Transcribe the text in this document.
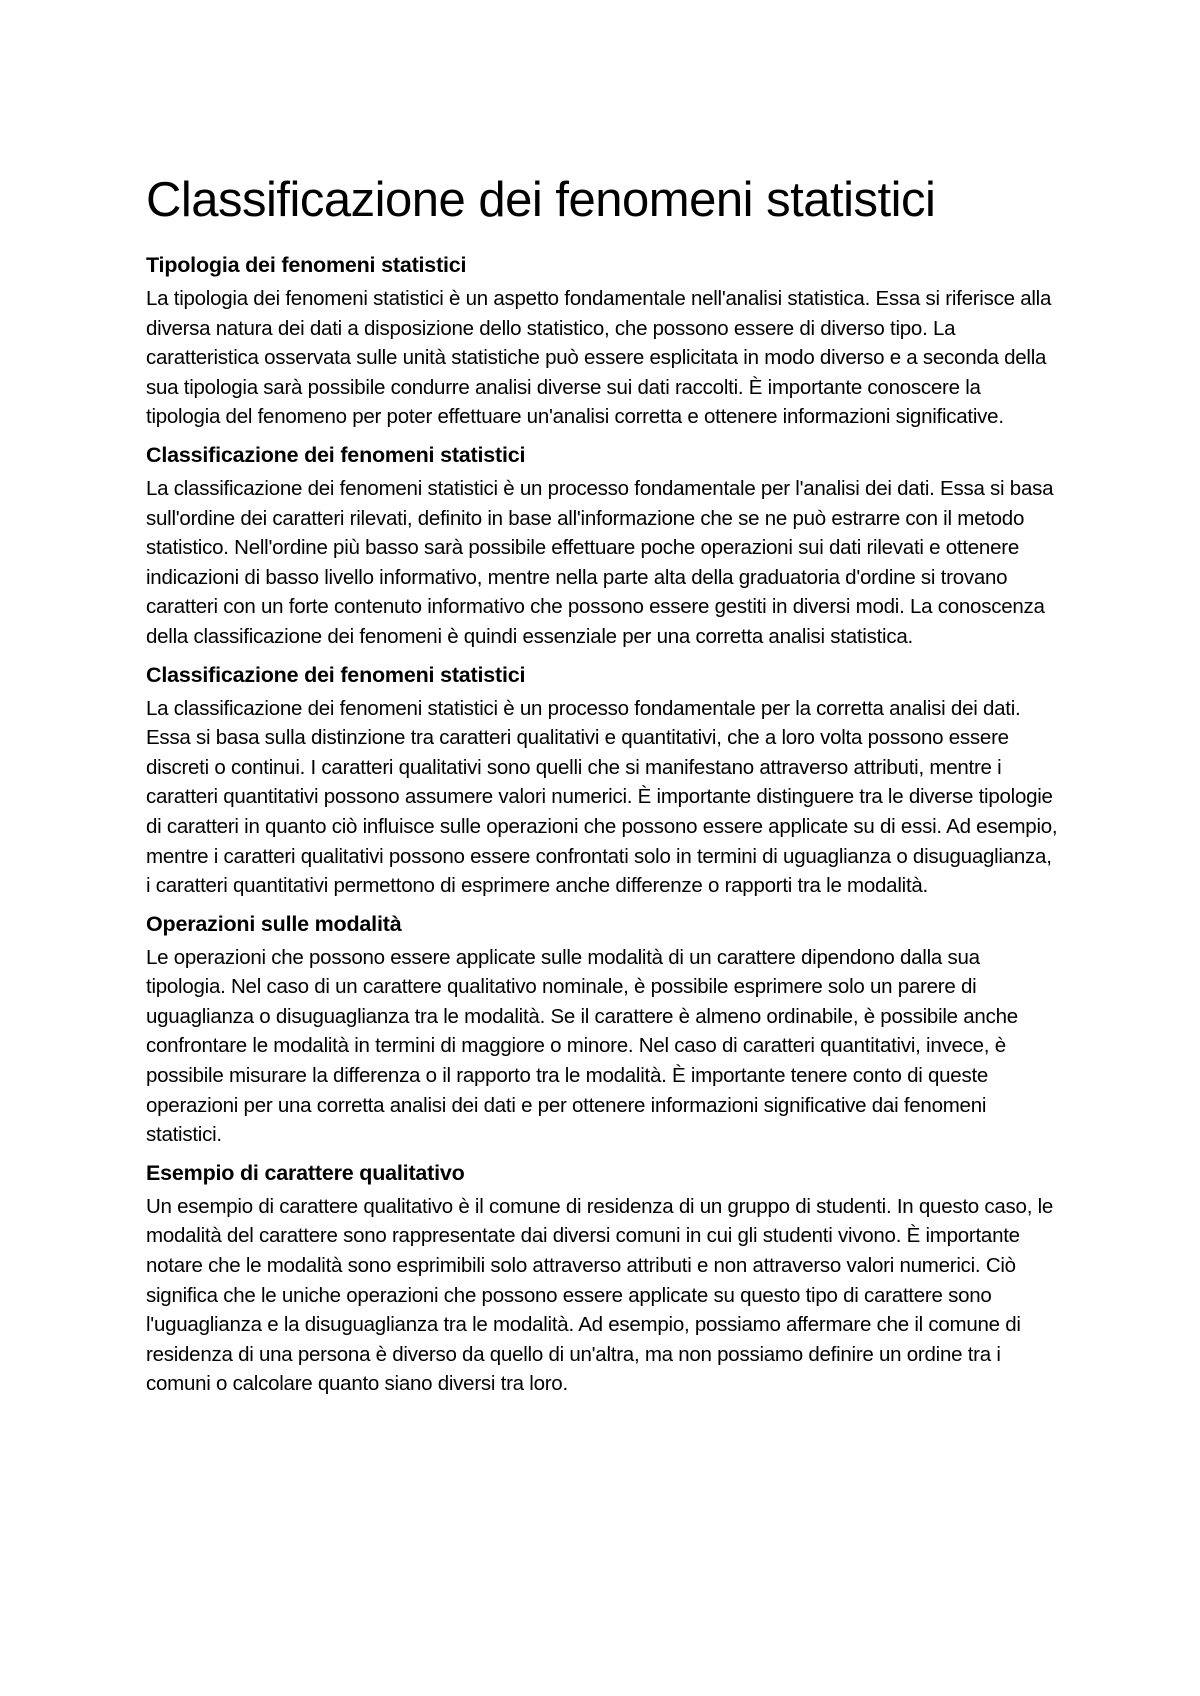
Classificazione dei fenomeni statistici
Tipologia dei fenomeni statistici

La tipologia dei fenomeni statistici è un aspetto fondamentale nell'analisi statistica. Essa si riferisce alla diversa natura dei dati a disposizione dello statistico, che possono essere di diverso tipo. La caratteristica osservata sulle unità statistiche può essere esplicitata in modo diverso e a seconda della sua tipologia sarà possibile condurre analisi diverse sui dati raccolti. È importante conoscere la tipologia del fenomeno per poter effettuare un'analisi corretta e ottenere informazioni significative.

Classificazione dei fenomeni statistici

La classificazione dei fenomeni statistici è un processo fondamentale per l'analisi dei dati. Essa si basa sull'ordine dei caratteri rilevati, definito in base all'informazione che se ne può estrarre con il metodo statistico. Nell'ordine più basso sarà possibile effettuare poche operazioni sui dati rilevati e ottenere indicazioni di basso livello informativo, mentre nella parte alta della graduatoria d'ordine si trovano caratteri con un forte contenuto informativo che possono essere gestiti in diversi modi. La conoscenza della classificazione dei fenomeni è quindi essenziale per una corretta analisi statistica.

Classificazione dei fenomeni statistici

La classificazione dei fenomeni statistici è un processo fondamentale per la corretta analisi dei dati. Essa si basa sulla distinzione tra caratteri qualitativi e quantitativi, che a loro volta possono essere discreti o continui. I caratteri qualitativi sono quelli che si manifestano attraverso attributi, mentre i caratteri quantitativi possono assumere valori numerici. È importante distinguere tra le diverse tipologie di caratteri in quanto ciò influisce sulle operazioni che possono essere applicate su di essi. Ad esempio, mentre i caratteri qualitativi possono essere confrontati solo in termini di uguaglianza o disuguaglianza, i caratteri quantitativi permettono di esprimere anche differenze o rapporti tra le modalità.

Operazioni sulle modalità

Le operazioni che possono essere applicate sulle modalità di un carattere dipendono dalla sua tipologia. Nel caso di un carattere qualitativo nominale, è possibile esprimere solo un parere di uguaglianza o disuguaglianza tra le modalità. Se il carattere è almeno ordinabile, è possibile anche confrontare le modalità in termini di maggiore o minore. Nel caso di caratteri quantitativi, invece, è possibile misurare la differenza o il rapporto tra le modalità. È importante tenere conto di queste operazioni per una corretta analisi dei dati e per ottenere informazioni significative dai fenomeni statistici.

Esempio di carattere qualitativo

Un esempio di carattere qualitativo è il comune di residenza di un gruppo di studenti. In questo caso, le modalità del carattere sono rappresentate dai diversi comuni in cui gli studenti vivono. È importante notare che le modalità sono esprimibili solo attraverso attributi e non attraverso valori numerici. Ciò significa che le uniche operazioni che possono essere applicate su questo tipo di carattere sono l'uguaglianza e la disuguaglianza tra le modalità. Ad esempio, possiamo affermare che il comune di residenza di una persona è diverso da quello di un'altra, ma non possiamo definire un ordine tra i comuni o calcolare quanto siano diversi tra loro.
